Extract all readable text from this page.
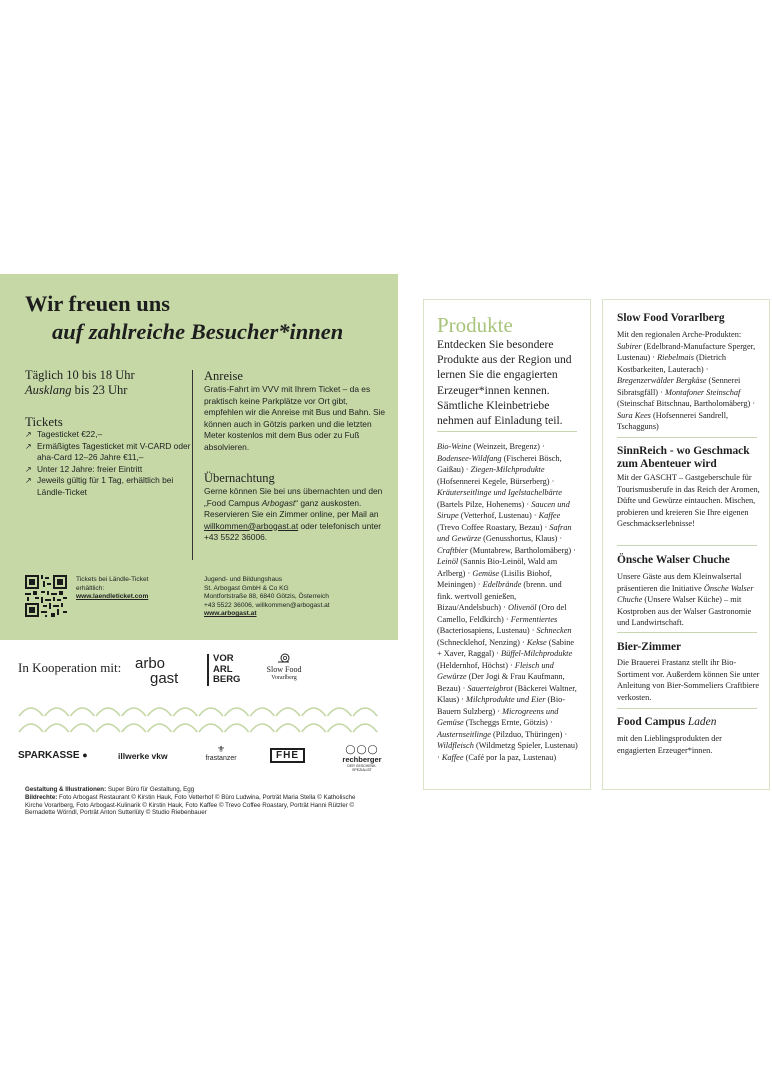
Wir freuen uns
auf zahlreiche Besucher*innen
Täglich 10 bis 18 Uhr
Ausklang bis 23 Uhr
Tickets
↗ Tagesticket €22,–
↗ Ermäßigtes Tagesticket mit V-CARD oder aha-Card 12–26 Jahre €11,–
↗ Unter 12 Jahre: freier Eintritt
↗ Jeweils gültig für 1 Tag, erhältlich bei Ländle-Ticket
Anreise

Gratis-Fahrt im VVV mit Ihrem Ticket – da es praktisch keine Parkplätze vor Ort gibt, empfehlen wir die Anreise mit Bus und Bahn. Sie können auch in Götzis parken und die letzten Meter kostenlos mit dem Bus oder zu Fuß absolvieren.

Übernachtung

Gerne können Sie bei uns übernachten und den „Food Campus Arbogast“ ganz auskosten. Reservieren Sie ein Zimmer online, per Mail an willkommen@arbogast.at oder telefonisch unter +43 5522 36006.

Tickets bei Ländle-Ticket
erhältlich:
www.laendleticket.com
Jugend- und Bildungshaus
St. Arbogast GmbH & Co KG
Montfortstraße 88, 6840 Götzis, Österreich
+43 5522 36006, willkommen@arbogast.at
www.arbogast.at
In Kooperation mit: arbo
gast
VOR
ARL
BERG
Slow Food
Vorarlberg
SPARKASSE ●	illwerke vkw
⚜
frastanzer	FHE
◯◯◯
rechberger
DER GESCHENK-SPEZIALIST
Gestaltung & Illustrationen: Super Büro für Gestaltung, Egg
Bildrechte: Foto Arbogast Restaurant © Kirstin Hauk, Foto Vetterhof © Büro Ludwina, Porträt Maria Stella © Katholische Kirche Vorarlberg, Foto Arbogast-Kulinarik © Kirstin Hauk, Foto Kaffee © Trevo Coffee Roastary, Porträt Hanni Rützler © Bernadette Wörndl, Porträt Anton Sutterlüty © Studio Riebenbauer
Produkte

Entdecken Sie besondere Produkte aus der Region und lernen Sie die engagierten Erzeuger*innen kennen. Sämtliche Kleinbetriebe nehmen auf Einladung teil.

Bio-Weine (Weinzeit, Bregenz) · Bodensee-Wildfang (Fischerei Bösch, Gaißau) · Ziegen-Milchprodukte (Hofsennerei Kegele, Bürserberg) · Kräuterseitlinge und Igelstachelbärte (Bartels Pilze, Hohenems) · Saucen und Sirupe (Vetterhof, Lustenau) · Kaffee (Trevo Coffee Roastary, Bezau) · Safran und Gewürze (Genusshortus, Klaus) · Craftbier (Muntabrew, Bartholomäberg) · Leinöl (Sannis Bio-Leinöl, Wald am Arlberg) · Gemüse (Lisilis Biohof, Meiningen) · Edelbrände (brenn. und fink. wertvoll genießen, Bizau/Andelsbuch) · Olivenöl (Oro del Camello, Feldkirch) · Fermentiertes (Bacteriosapiens, Lustenau) · Schnecken (Schnecklehof, Nenzing) · Kekse (Sabine + Xaver, Raggal) · Büffel-Milchprodukte (Heldernhof, Höchst) · Fleisch und Gewürze (Der Jogi & Frau Kaufmann, Bezau) · Sauerteigbrot (Bäckerei Waltner, Klaus) · Milchprodukte und Eier (Bio-Bauern Sulzberg) · Microgreens und Gemüse (Tscheggs Ernte, Götzis) · Austernseitlinge (Pilzduo, Thüringen) · Wildfleisch (Wildmetzg Spieler, Lustenau) · Kaffee (Café por la paz, Lustenau)

Slow Food Vorarlberg

Mit den regionalen Arche-Produkten: Subirer (Edelbrand-Manufacture Sperger, Lustenau) · Riebelmais (Dietrich Kostbarkeiten, Lauterach) · Bregenzerwälder Bergkäse (Sennerei Sibratsgfäll) · Montafoner Steinschaf (Steinschaf Bitschnau, Bartholomäberg) · Sura Kees (Hofsennerei Sandrell, Tschagguns)

SinnReich - wo Geschmack zum Abenteuer wird

Mit der GASCHT – Gastgeberschule für Tourismusberufe in das Reich der Aromen, Düfte und Gewürze eintauchen. Mischen, probieren und kreieren Sie Ihre eigenen Geschmackserlebnisse!

Önsche Walser Chuche

Unsere Gäste aus dem Kleinwalsertal präsentieren die Initiative Önsche Walser Chuche (Unsere Walser Küche) – mit Kostproben aus der Walser Gastronomie und Landwirtschaft.

Bier-Zimmer

Die Brauerei Frastanz stellt ihr Bio-Sortiment vor. Außerdem können Sie unter Anleitung von Bier-Sommeliers Craftbiere verkosten.

Food Campus Laden

mit den Lieblingsprodukten der engagierten Erzeuger*innen.
